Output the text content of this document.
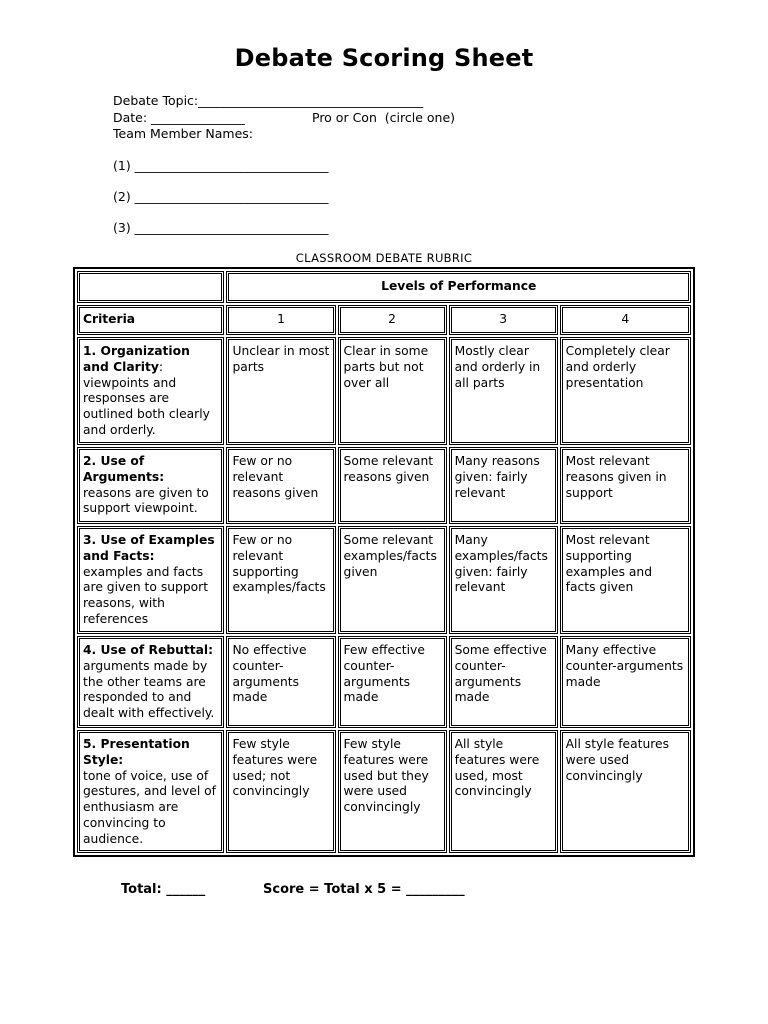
Debate Scoring Sheet
Debate Topic:____________________________________
Date: _______________	Pro or Con  (circle one)
Team Member Names:
(1) _______________________________
(2) _______________________________
(3) _______________________________
CLASSROOM DEBATE RUBRIC
	Levels of Performance			
Criteria	1	2	3	4
1. Organization and Clarity:
viewpoints and responses are outlined both clearly and orderly.	Unclear in most parts	Clear in some parts but not over all	Mostly clear and orderly in all parts	Completely clear and orderly presentation
2. Use of Arguments:
reasons are given to support viewpoint.	Few or no relevant reasons given	Some relevant reasons given	Many reasons given: fairly relevant	Most relevant reasons given in support
3. Use of Examples and Facts:
examples and facts are given to support reasons, with references	Few or no relevant supporting examples/facts	Some relevant examples/facts given	Many examples/facts given: fairly relevant	Most relevant supporting examples and facts given
4. Use of Rebuttal:
arguments made by the other teams are responded to and dealt with effectively.	No effective counter-arguments made	Few effective counter-arguments made	Some effective counter-arguments made	Many effective counter-arguments made
5. Presentation Style:
tone of voice, use of gestures, and level of enthusiasm are convincing to audience.	Few style features were used; not convincingly	Few style features were used but they were used convincingly	All style features were used, most convincingly	All style features were used convincingly
Total: ______	Score = Total x 5 = _________
